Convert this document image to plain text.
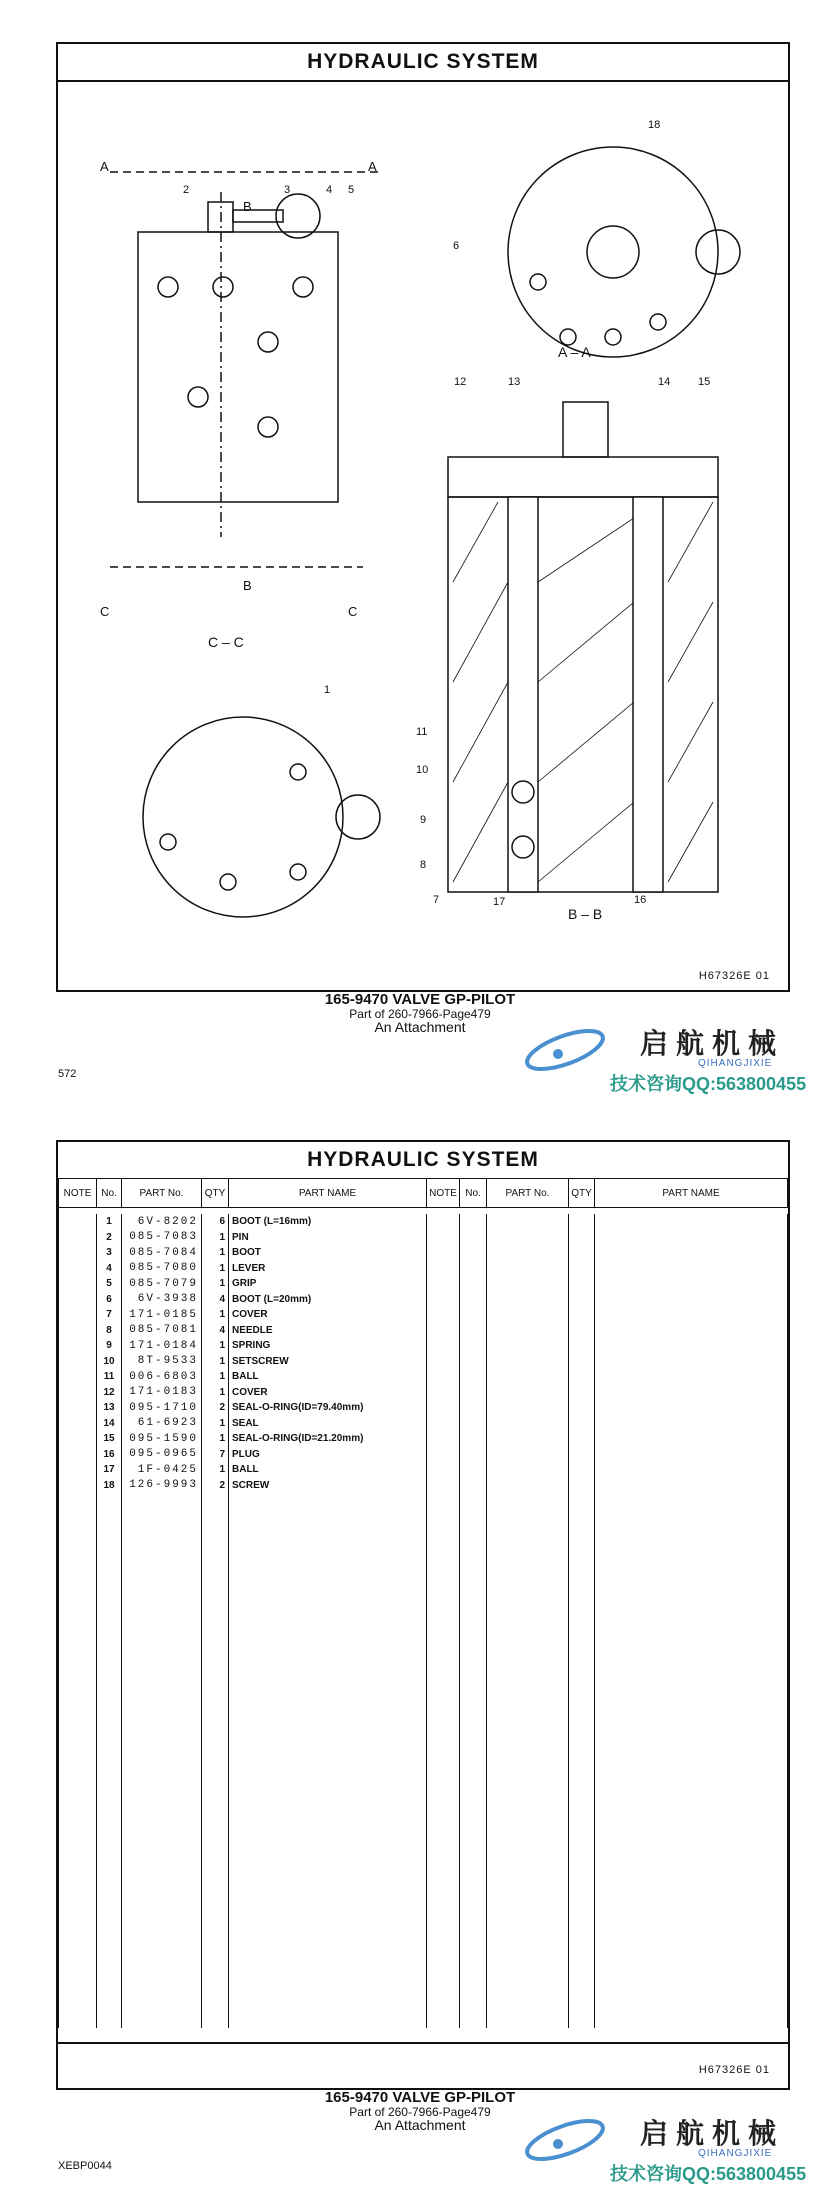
HYDRAULIC SYSTEM
C – C
A – A
B – B
A	A
B
B
C	C
1
2	3	4 5
6
7
8
9
10
11
12	13	14	15
16
17
18
H67326E 01
165-9470 VALVE GP-PILOT
Part of 260-7966-Page479
An Attachment
启航机械
QIHANGJIXIE
技术咨询QQ:563800455
572
HYDRAULIC SYSTEM
NOTE	No.	PART No.	QTY	PART NAME	NOTE	No.	PART No.	QTY	PART NAME

	1	6V-8202	6	BOOT (L=16mm)					
	2	085-7083	1	PIN					
	3	085-7084	1	BOOT					
	4	085-7080	1	LEVER					
	5	085-7079	1	GRIP					
	6	6V-3938	4	BOOT (L=20mm)					
	7	171-0185	1	COVER					
	8	085-7081	4	NEEDLE					
	9	171-0184	1	SPRING					
	10	8T-9533	1	SETSCREW					
	11	006-6803	1	BALL					
	12	171-0183	1	COVER					
	13	095-1710	2	SEAL-O-RING(ID=79.40mm)					
	14	61-6923	1	SEAL					
	15	095-1590	1	SEAL-O-RING(ID=21.20mm)					
	16	095-0965	7	PLUG					
	17	1F-0425	1	BALL					
	18	126-9993	2	SCREW					

H67326E 01
165-9470 VALVE GP-PILOT
Part of 260-7966-Page479
An Attachment	启航机械
QIHANGJIXIE
技术咨询QQ:563800455
XEBP0044
